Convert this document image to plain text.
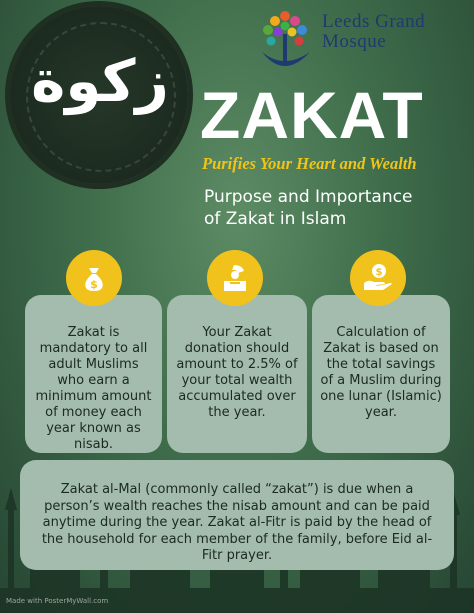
زكوة
Leeds Grand
Mosque
ZAKAT
Purifies Your Heart and Wealth
Purpose and Importance
of Zakat in Islam
Zakat is mandatory to all adult Muslims who earn a minimum amount of money each year known as nisab.
Your Zakat donation should amount to 2.5% of your total wealth accumulated over the year.
Calculation of Zakat is based on the total savings of a Muslim during one lunar (Islamic) year.
$
$
Zakat al-Mal (commonly called “zakat”) is due when a person’s wealth reaches the nisab amount and can be paid anytime during the year. Zakat al-Fitr is paid by the head of the household for each member of the family, before Eid al-Fitr prayer.
Made with PosterMyWall.com
